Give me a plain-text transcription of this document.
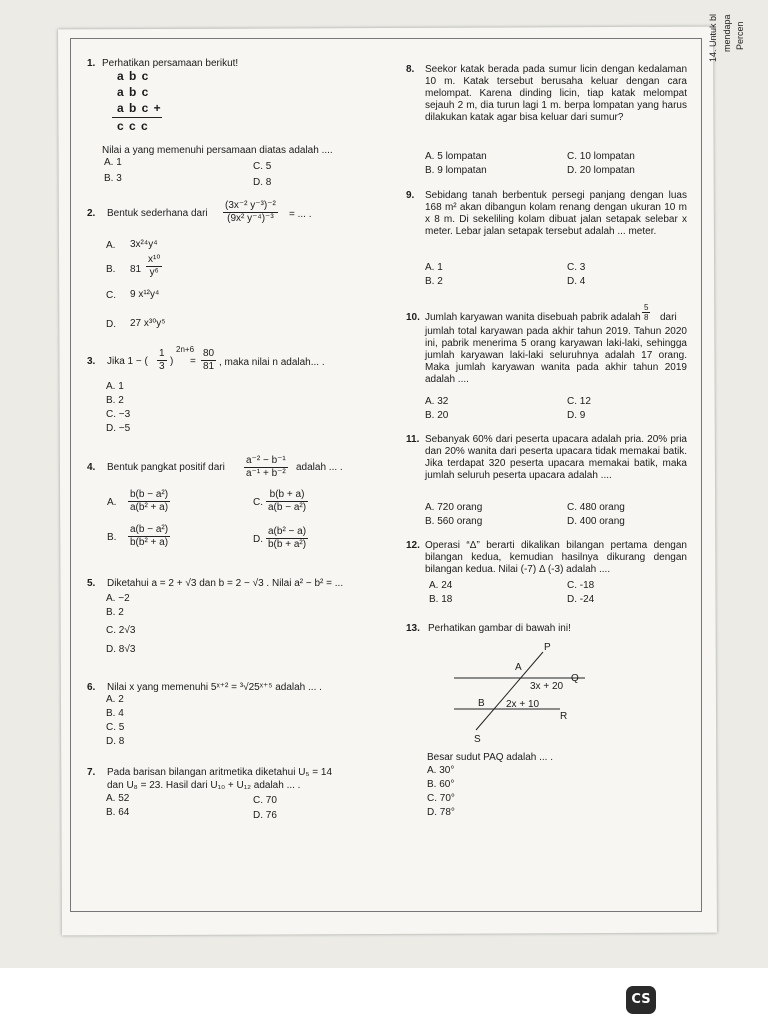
14. Untuk bl mendapa Percen
1. Perhatikan persamaan berikut!
a b c
a b c
a b c +
c c c
Nilai a yang memenuhi persamaan diatas adalah ....
A. 1	C. 5
B. 3	D. 8
2. Bentuk sederhana dari $\frac{\text{(3x⁻² y⁻³)⁻²}}{\text{(9x² y⁻⁴)⁻³}}$ = ... .
A. 3x²⁴y⁴
B. $81 \frac{\text{x¹⁰}}{\text{y⁶}}$
C. 9 x¹²y⁴
D. 27 x³⁰y⁵
3. Jika 1 − ( $\frac{1}{3}$ )
2n+6
= $\frac{80}{81}$ , maka nilai n adalah... .
A. 1
B. 2
C. −3
D. −5
4. Bentuk pangkat positif dari $\frac{\text{a⁻² − b⁻¹}}{\text{a⁻¹ + b⁻²}}$ adalah ... .
A. $\frac{\text{b(b − a²)}}{\text{a(b² + a)}}$	C. $\frac{b(b + a)}{\text{a(b − a²)}}$
B. $\frac{\text{a(b − a²)}}{\text{b(b² + a)}}$	D. $\frac{\text{a(b² − a)}}{\text{b(b + a²)}}$
5. Diketahui a = 2 + √3 dan b = 2 − √3 . Nilai a² − b² = ...
A. −2
B. 2
C. 2√3
D. 8√3
6. Nilai x yang memenuhi 5ˣ⁺² = ³√25ˣ⁺⁵ adalah ... .
A. 2
B. 4
C. 5
D. 8
7. Pada barisan bilangan aritmetika diketahui U₅ = 14
dan U₈ = 23. Hasil dari U₁₀ + U₁₂ adalah ... .
A. 52	C. 70
B. 64	D. 76
8. Seekor katak berada pada sumur licin dengan kedalaman 10 m. Katak tersebut berusaha keluar dengan cara melompat. Karena dinding licin, tiap katak melompat sejauh 2 m, dia turun lagi 1 m. berpa lompatan yang harus dilakukan katak agar bisa keluar dari sumur?
A. 5 lompatan	C. 10 lompatan
B. 9 lompatan	D. 20 lompatan
9. Sebidang tanah berbentuk persegi panjang dengan luas 168 m² akan dibangun kolam renang dengan ukuran 10 m x 8 m. Di sekeliling kolam dibuat jalan setapak selebar x meter. Lebar jalan setapak tersebut adalah ... meter.
A. 1	C. 3
B. 2	D. 4
10. Jumlah karyawan wanita disebuah pabrik adalah $\frac{5}{8}$ dari
jumlah total karyawan pada akhir tahun 2019. Tahun 2020 ini, pabrik menerima 5 orang karyawan laki-laki, sehingga jumlah karyawan laki-laki seluruhnya adalah 17 orang. Maka jumlah karyawan wanita pada akhir tahun 2019 adalah ....
A. 32	C. 12
B. 20	D. 9
11. Sebanyak 60% dari peserta upacara adalah pria. 20% pria dan 20% wanita dari peserta upacara tidak memakai batik. Jika terdapat 320 peserta upacara memakai batik, maka jumlah seluruh peserta upacara adalah ....
A. 720 orang	C. 480 orang
B. 560 orang	D. 400 orang
12. Operasi “Δ” berarti dikalikan bilangan pertama dengan bilangan kedua, kemudian hasilnya dikurang dengan bilangan kedua. Nilai (-7) Δ (-3) adalah ....
A. 24	C. -18
B. 18	D. -24
13. Perhatikan gambar di bawah ini!
P
A
3x + 20
Q
B 2x + 10
R
S
Besar sudut PAQ adalah ... .
A. 30°
B. 60°
C. 70°
D. 78°
CS
